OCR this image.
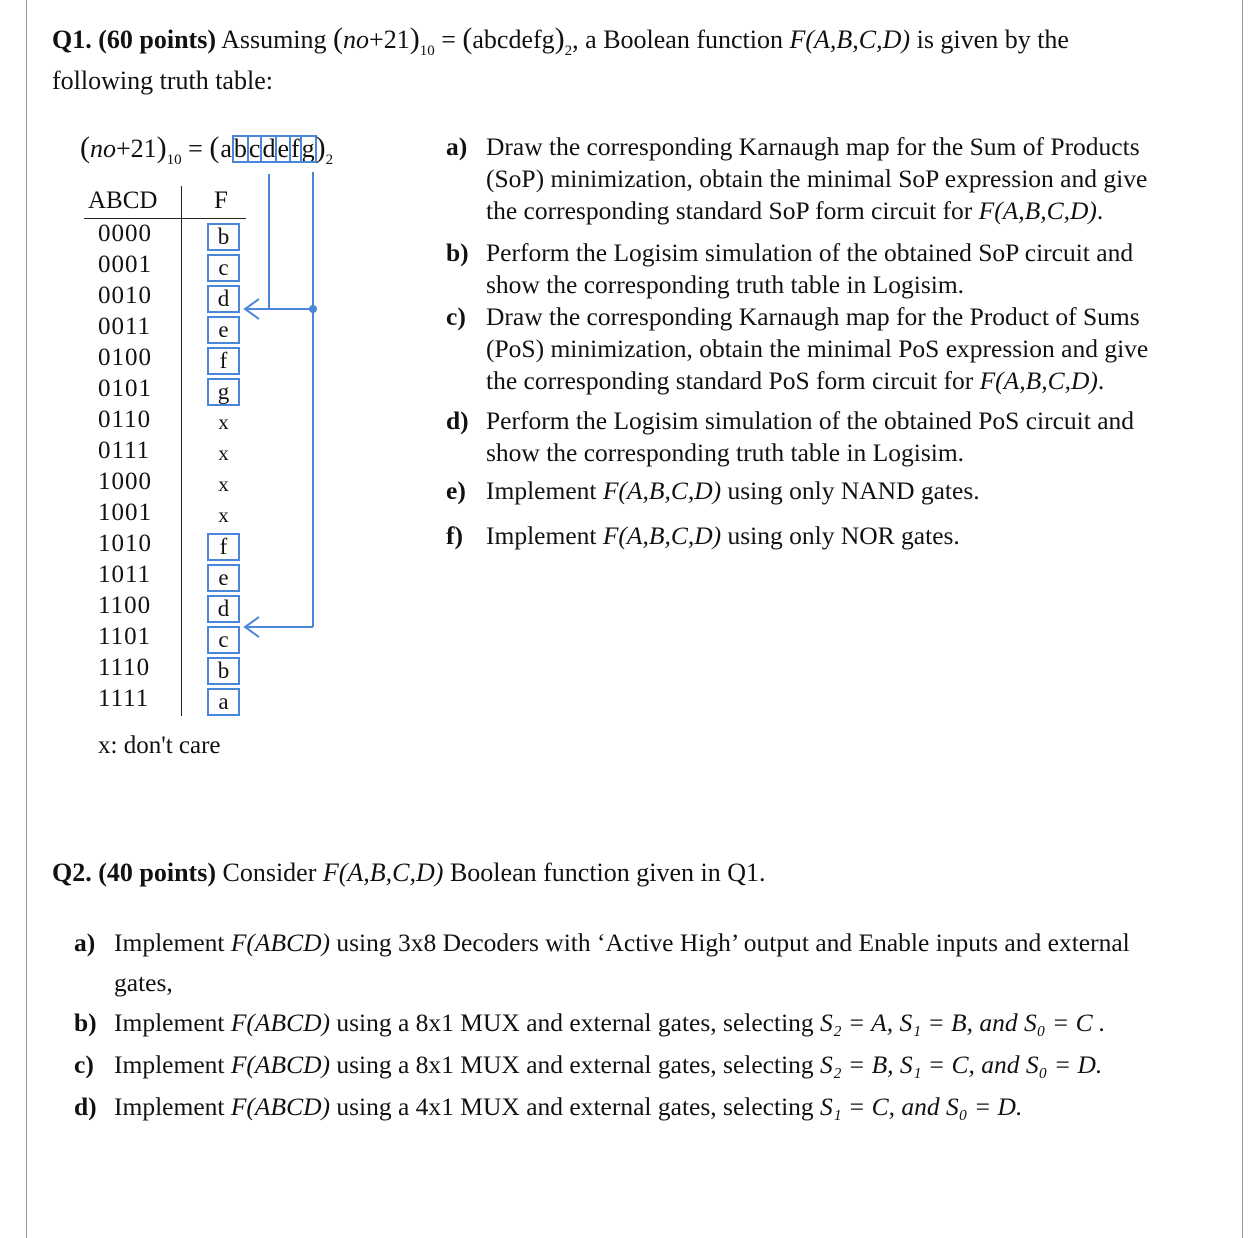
Q1. (60 points) Assuming $(no+21)_{10}$ = $(abcdefg)_2$, a Boolean function F(A,B,C,D) is given by the
following truth table:
$(no+21)_{10}$ = $(abcdefg)_2$
ABCD F
0000	b
0001	c
0010	d
0011	e
0100	f
0101	g
0110	x
0111	x
1000	x
1001	x
1010	f
1011	e
1100	d
1101	c
1110	b
1111	a
x: don't care
a) Draw the corresponding Karnaugh map for the Sum of Products
(SoP) minimization, obtain the minimal SoP expression and give
the corresponding standard SoP form circuit for F(A,B,C,D).
b) Perform the Logisim simulation of the obtained SoP circuit and
show the corresponding truth table in Logisim.
c) Draw the corresponding Karnaugh map for the Product of Sums
(PoS) minimization, obtain the minimal PoS expression and give
the corresponding standard PoS form circuit for F(A,B,C,D).
d) Perform the Logisim simulation of the obtained PoS circuit and
show the corresponding truth table in Logisim.
e) Implement F(A,B,C,D) using only NAND gates.
f) Implement F(A,B,C,D) using only NOR gates.
Q2. (40 points) Consider F(A,B,C,D) Boolean function given in Q1.
a) Implement F(ABCD) using 3x8 Decoders with ‘Active High’ output and Enable inputs and external
gates,
b) Implement F(ABCD) using a 8x1 MUX and external gates, selecting S₂ = A, S₁ = B, and S₀ = C .
c) Implement F(ABCD) using a 8x1 MUX and external gates, selecting S₂ = B, S₁ = C, and S₀ = D.
d) Implement F(ABCD) using a 4x1 MUX and external gates, selecting S₁ = C, and S₀ = D.
